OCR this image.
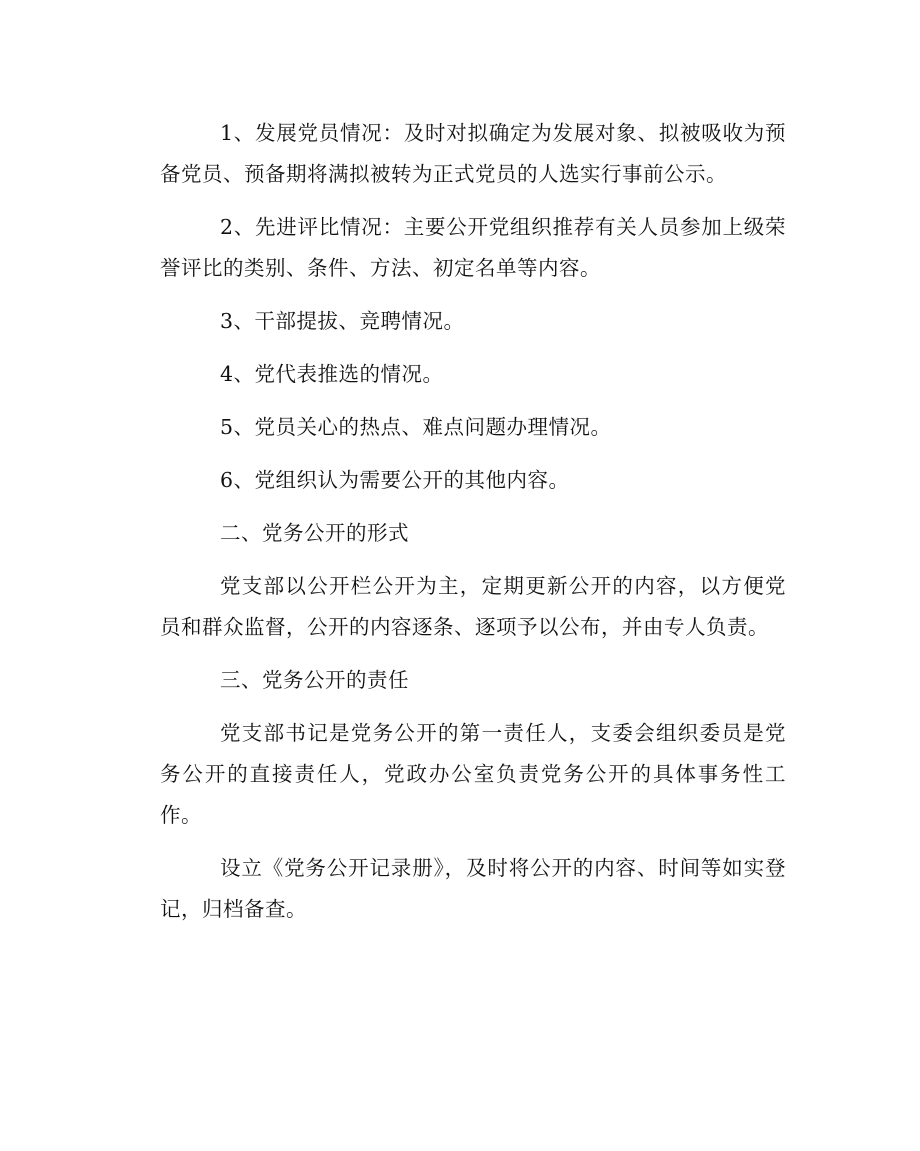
1、发展党员情况：及时对拟确定为发展对象、拟被吸收为预备党员、预备期将满拟被转为正式党员的人选实行事前公示。

2、先进评比情况：主要公开党组织推荐有关人员参加上级荣誉评比的类别、条件、方法、初定名单等内容。

3、干部提拔、竞聘情况。

4、党代表推选的情况。

5、党员关心的热点、难点问题办理情况。

6、党组织认为需要公开的其他内容。

二、党务公开的形式

党支部以公开栏公开为主，定期更新公开的内容，以方便党员和群众监督，公开的内容逐条、逐项予以公布，并由专人负责。

三、党务公开的责任

党支部书记是党务公开的第一责任人，支委会组织委员是党务公开的直接责任人，党政办公室负责党务公开的具体事务性工作。

设立《党务公开记录册》，及时将公开的内容、时间等如实登记，归档备查。
